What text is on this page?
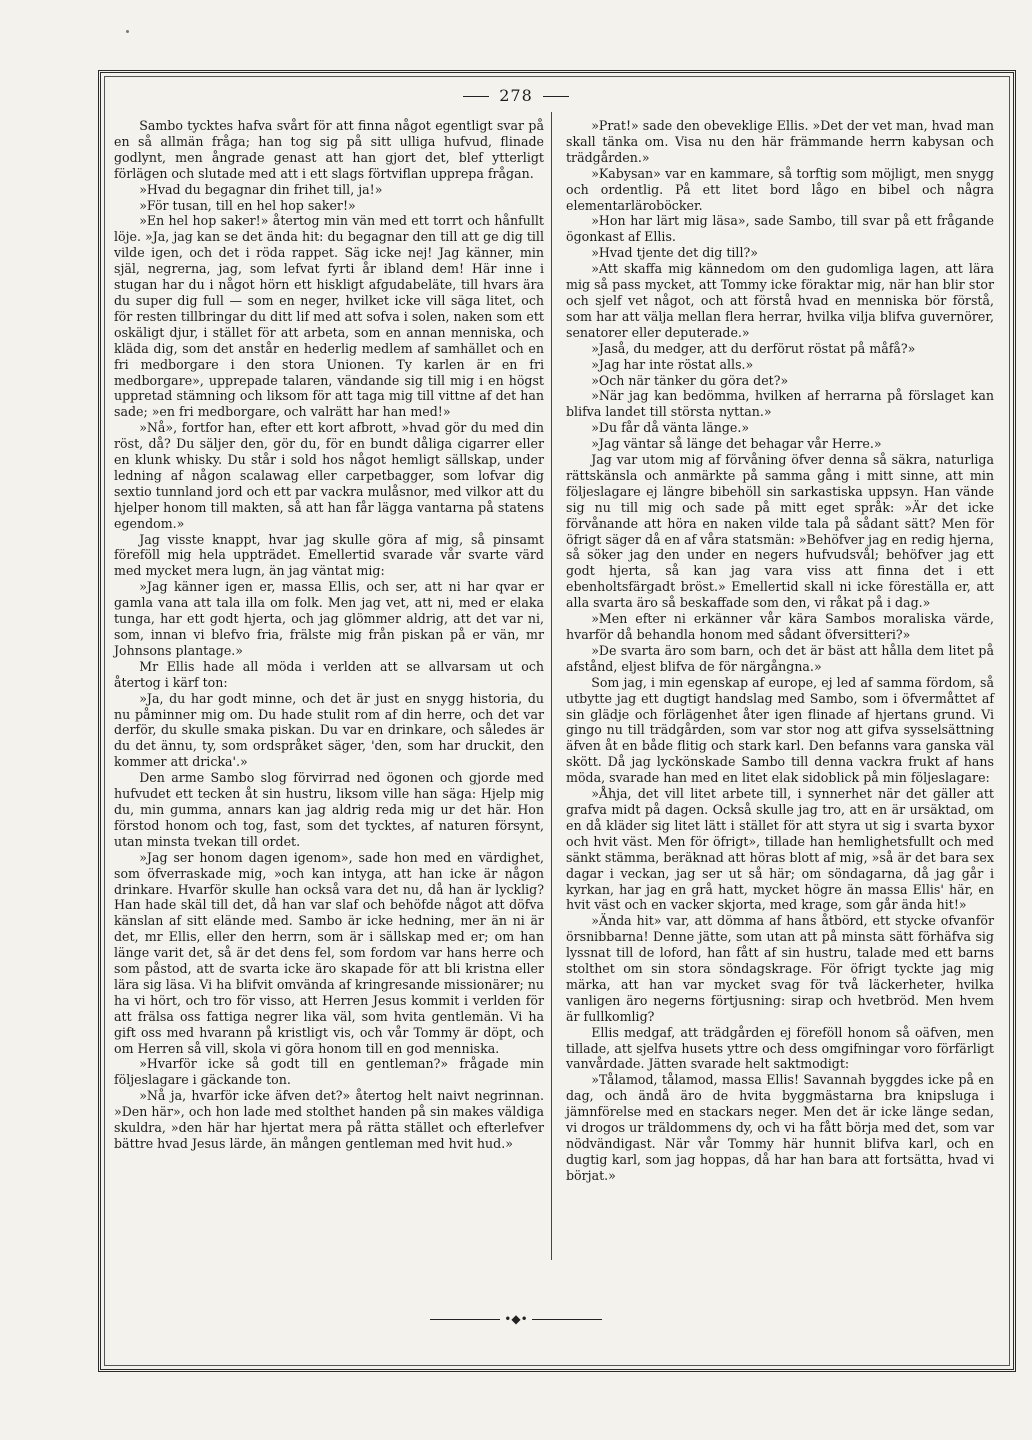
278

Sambo tycktes hafva svårt för att finna något egentligt svar på en så allmän fråga; han tog sig på sitt ulliga hufvud, flinade godlynt, men ångrade genast att han gjort det, blef ytterligt förlägen och slutade med att i ett slags förtviflan upprepa frågan.

»Hvad du begagnar din frihet till, ja!»

»För tusan, till en hel hop saker!»

»En hel hop saker!» återtog min vän med ett torrt och hånfullt löje. »Ja, jag kan se det ända hit: du begagnar den till att ge dig till vilde igen, och det i röda rappet. Säg icke nej! Jag känner, min själ, negrerna, jag, som lefvat fyrti år ibland dem! Här inne i stugan har du i något hörn ett hiskligt afgudabeläte, till hvars ära du super dig full — som en neger, hvilket icke vill säga litet, och för resten tillbringar du ditt lif med att sofva i solen, naken som ett oskäligt djur, i stället för att arbeta, som en annan menniska, och kläda dig, som det anstår en hederlig medlem af samhället och en fri medborgare i den stora Unionen. Ty karlen är en fri medborgare», upprepade talaren, vändande sig till mig i en högst uppretad stämning och liksom för att taga mig till vittne af det han sade; »en fri medborgare, och valrätt har han med!»

»Nå», fortfor han, efter ett kort afbrott, »hvad gör du med din röst, då? Du säljer den, gör du, för en bundt dåliga cigarrer eller en klunk whisky. Du står i sold hos något hemligt sällskap, under ledning af någon scalawag eller carpetbagger, som lofvar dig sextio tunnland jord och ett par vackra mulåsnor, med vilkor att du hjelper honom till makten, så att han får lägga vantarna på statens egendom.»

Jag visste knappt, hvar jag skulle göra af mig, så pinsamt föreföll mig hela uppträdet. Emellertid svarade vår svarte värd med mycket mera lugn, än jag väntat mig:

»Jag känner igen er, massa Ellis, och ser, att ni har qvar er gamla vana att tala illa om folk. Men jag vet, att ni, med er elaka tunga, har ett godt hjerta, och jag glömmer aldrig, att det var ni, som, innan vi blefvo fria, frälste mig från piskan på er vän, mr Johnsons plantage.»

Mr Ellis hade all möda i verlden att se allvarsam ut och återtog i kärf ton:

»Ja, du har godt minne, och det är just en snygg historia, du nu påminner mig om. Du hade stulit rom af din herre, och det var derför, du skulle smaka piskan. Du var en drinkare, och således är du det ännu, ty, som ordspråket säger, 'den, som har druckit, den kommer att dricka'.»

Den arme Sambo slog förvirrad ned ögonen och gjorde med hufvudet ett tecken åt sin hustru, liksom ville han säga: Hjelp mig du, min gumma, annars kan jag aldrig reda mig ur det här. Hon förstod honom och tog, fast, som det tycktes, af naturen försynt, utan minsta tvekan till ordet.

»Jag ser honom dagen igenom», sade hon med en värdighet, som öfverraskade mig, »och kan intyga, att han icke är någon drinkare. Hvarför skulle han också vara det nu, då han är lycklig? Han hade skäl till det, då han var slaf och behöfde något att döfva känslan af sitt elände med. Sambo är icke hedning, mer än ni är det, mr Ellis, eller den herrn, som är i sällskap med er; om han länge varit det, så är det dens fel, som fordom var hans herre och som påstod, att de svarta icke äro skapade för att bli kristna eller lära sig läsa. Vi ha blifvit omvända af kringresande missionärer; nu ha vi hört, och tro för visso, att Herren Jesus kommit i verlden för att frälsa oss fattiga negrer lika väl, som hvita gentlemän. Vi ha gift oss med hvarann på kristligt vis, och vår Tommy är döpt, och om Herren så vill, skola vi göra honom till en god menniska.

»Hvarför icke så godt till en gentleman?» frågade min följeslagare i gäckande ton.

»Nå ja, hvarför icke äfven det?» återtog helt naivt negrinnan. »Den här», och hon lade med stolthet handen på sin makes väldiga skuldra, »den här har hjertat mera på rätta stället och efterlefver bättre hvad Jesus lärde, än mången gentleman med hvit hud.»

»Prat!» sade den obeveklige Ellis. »Det der vet man, hvad man skall tänka om. Visa nu den här främmande herrn kabysan och trädgården.»

»Kabysan» var en kammare, så torftig som möjligt, men snygg och ordentlig. På ett litet bord lågo en bibel och några elementarläroböcker.

»Hon har lärt mig läsa», sade Sambo, till svar på ett frågande ögonkast af Ellis.

»Hvad tjente det dig till?»

»Att skaffa mig kännedom om den gudomliga lagen, att lära mig så pass mycket, att Tommy icke föraktar mig, när han blir stor och sjelf vet något, och att förstå hvad en menniska bör förstå, som har att välja mellan flera herrar, hvilka vilja blifva guvernörer, senatorer eller deputerade.»

»Jaså, du medger, att du derförut röstat på måfå?»

»Jag har inte röstat alls.»

»Och när tänker du göra det?»

»När jag kan bedömma, hvilken af herrarna på förslaget kan blifva landet till största nyttan.»

»Du får då vänta länge.»

»Jag väntar så länge det behagar vår Herre.»

Jag var utom mig af förvåning öfver denna så säkra, naturliga rättskänsla och anmärkte på samma gång i mitt sinne, att min följeslagare ej längre bibehöll sin sarkastiska uppsyn. Han vände sig nu till mig och sade på mitt eget språk: »Är det icke förvånande att höra en naken vilde tala på sådant sätt? Men för öfrigt säger då en af våra statsmän: »Behöfver jag en redig hjerna, så söker jag den under en negers hufvudsvål; behöfver jag ett godt hjerta, så kan jag vara viss att finna det i ett ebenholtsfärgadt bröst.» Emellertid skall ni icke föreställa er, att alla svarta äro så beskaffade som den, vi råkat på i dag.»

»Men efter ni erkänner vår kära Sambos moraliska värde, hvarför då behandla honom med sådant öfversitteri?»

»De svarta äro som barn, och det är bäst att hålla dem litet på afstånd, eljest blifva de för närgångna.»

Som jag, i min egenskap af europe, ej led af samma fördom, så utbytte jag ett dugtigt handslag med Sambo, som i öfvermåttet af sin glädje och förlägenhet åter igen flinade af hjertans grund. Vi gingo nu till trädgården, som var stor nog att gifva sysselsättning äfven åt en både flitig och stark karl. Den befanns vara ganska väl skött. Då jag lyckönskade Sambo till denna vackra frukt af hans möda, svarade han med en litet elak sidoblick på min följeslagare:

»Åhja, det vill litet arbete till, i synnerhet när det gäller att grafva midt på dagen. Också skulle jag tro, att en är ursäktad, om en då kläder sig litet lätt i stället för att styra ut sig i svarta byxor och hvit väst. Men för öfrigt», tillade han hemlighetsfullt och med sänkt stämma, beräknad att höras blott af mig, »så är det bara sex dagar i veckan, jag ser ut så här; om söndagarna, då jag går i kyrkan, har jag en grå hatt, mycket högre än massa Ellis' här, en hvit väst och en vacker skjorta, med krage, som går ända hit!»

»Ända hit» var, att dömma af hans åtbörd, ett stycke ofvanför örsnibbarna! Denne jätte, som utan att på minsta sätt förhäfva sig lyssnat till de loford, han fått af sin hustru, talade med ett barns stolthet om sin stora söndagskrage. För öfrigt tyckte jag mig märka, att han var mycket svag för två läckerheter, hvilka vanligen äro negerns förtjusning: sirap och hvetbröd. Men hvem är fullkomlig?

Ellis medgaf, att trädgården ej föreföll honom så oäfven, men tillade, att sjelfva husets yttre och dess omgifningar voro förfärligt vanvårdade. Jätten svarade helt saktmodigt:

»Tålamod, tålamod, massa Ellis! Savannah byggdes icke på en dag, och ändå äro de hvita byggmästarna bra knipsluga i jämnförelse med en stackars neger. Men det är icke länge sedan, vi drogos ur träldommens dy, och vi ha fått börja med det, som var nödvändigast. När vår Tommy här hunnit blifva karl, och en dugtig karl, som jag hoppas, då har han bara att fortsätta, hvad vi börjat.»

•◆•
